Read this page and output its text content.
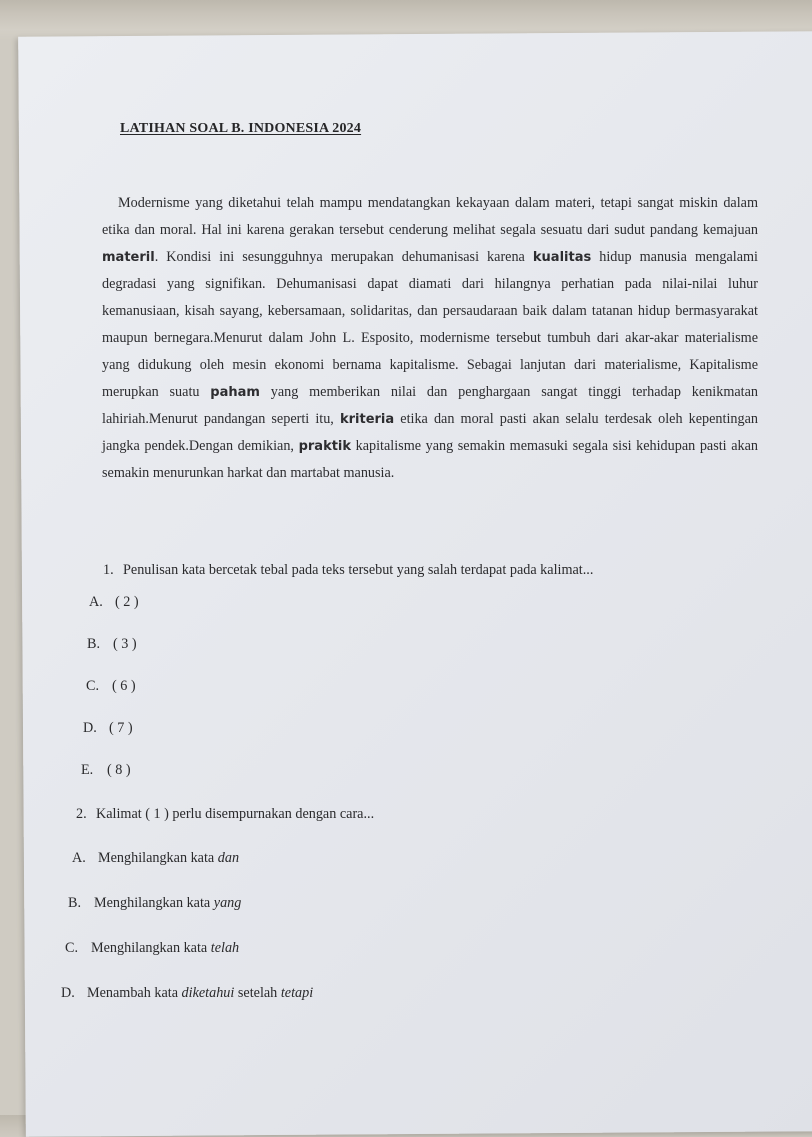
LATIHAN SOAL B. INDONESIA 2024
Modernisme yang diketahui telah mampu mendatangkan kekayaan dalam materi, tetapi sangat miskin dalam etika dan moral. Hal ini karena gerakan tersebut cenderung melihat segala sesuatu dari sudut pandang kemajuan materil. Kondisi ini sesungguhnya merupakan dehumanisasi karena kualitas hidup manusia mengalami degradasi yang signifikan. Dehumanisasi dapat diamati dari hilangnya perhatian pada nilai-nilai luhur kemanusiaan, kisah sayang, kebersamaan, solidaritas, dan persaudaraan baik dalam tatanan hidup bermasyarakat maupun bernegara.Menurut dalam John L. Esposito, modernisme tersebut tumbuh dari akar-akar materialisme yang didukung oleh mesin ekonomi bernama kapitalisme. Sebagai lanjutan dari materialisme, Kapitalisme merupkan suatu paham yang memberikan nilai dan penghargaan sangat tinggi terhadap kenikmatan lahiriah.Menurut pandangan seperti itu, kriteria etika dan moral pasti akan selalu terdesak oleh kepentingan jangka pendek.Dengan demikian, praktik kapitalisme yang semakin memasuki segala sisi kehidupan pasti akan semakin menurunkan harkat dan martabat manusia.
1. Penulisan kata bercetak tebal pada teks tersebut yang salah terdapat pada kalimat...
A. ( 2 )
B. ( 3 )
C. ( 6 )
D. ( 7 )
E. ( 8 )
2. Kalimat ( 1 ) perlu disempurnakan dengan cara...
A. Menghilangkan kata dan
B. Menghilangkan kata yang
C. Menghilangkan kata telah
D. Menambah kata diketahui setelah tetapi
